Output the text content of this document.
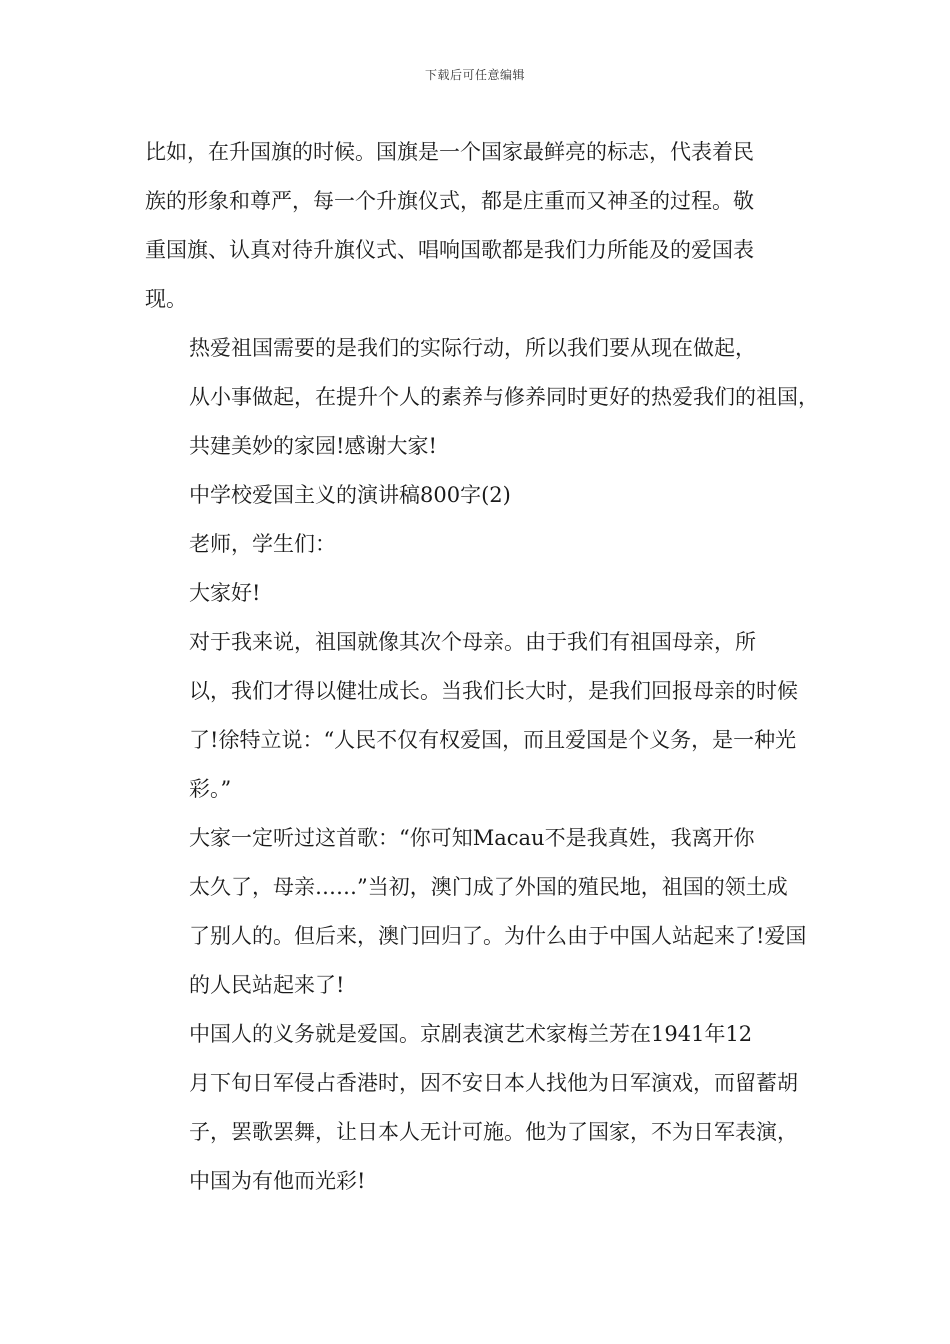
下载后可任意编辑

比如，在升国旗的时候。国旗是一个国家最鲜亮的标志，代表着民
族的形象和尊严，每一个升旗仪式，都是庄重而又神圣的过程。敬
重国旗、认真对待升旗仪式、唱响国歌都是我们力所能及的爱国表
现。

热爱祖国需要的是我们的实际行动，所以我们要从现在做起，
从小事做起，在提升个人的素养与修养同时更好的热爱我们的祖国，
共建美妙的家园!感谢大家!

中学校爱国主义的演讲稿800字(2)

老师，学生们：

大家好!

对于我来说，祖国就像其次个母亲。由于我们有祖国母亲，所
以，我们才得以健壮成长。当我们长大时，是我们回报母亲的时候
了!徐特立说：“人民不仅有权爱国，而且爱国是个义务，是一种光
彩。”

大家一定听过这首歌：“你可知Macau不是我真姓，我离开你
太久了，母亲……”当初，澳门成了外国的殖民地，祖国的领土成
了别人的。但后来，澳门回归了。为什么由于中国人站起来了!爱国
的人民站起来了!

中国人的义务就是爱国。京剧表演艺术家梅兰芳在1941年12
月下旬日军侵占香港时，因不安日本人找他为日军演戏，而留蓄胡
子，罢歌罢舞，让日本人无计可施。他为了国家，不为日军表演，
中国为有他而光彩!
